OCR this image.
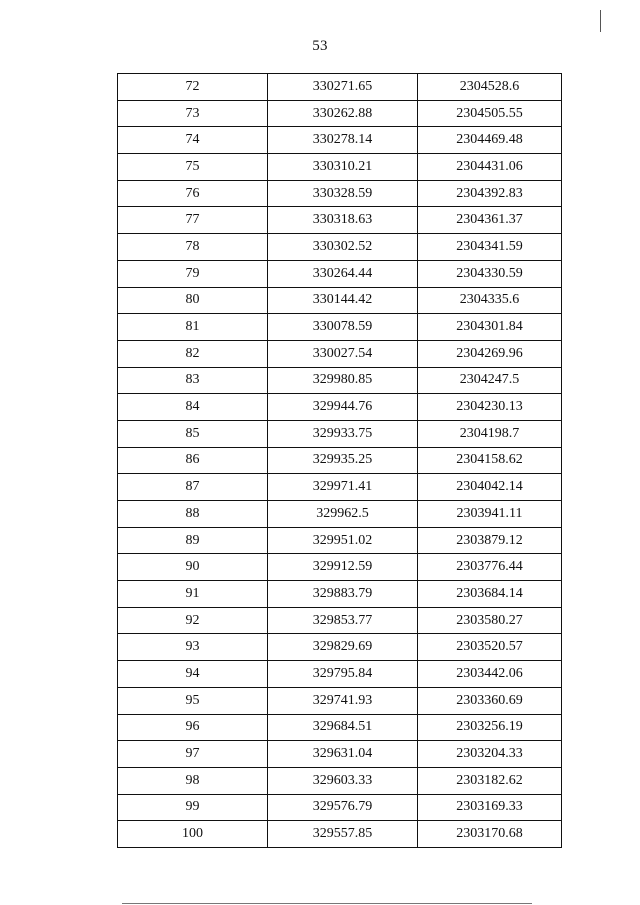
53
72	330271.65	2304528.6
73	330262.88	2304505.55
74	330278.14	2304469.48
75	330310.21	2304431.06
76	330328.59	2304392.83
77	330318.63	2304361.37
78	330302.52	2304341.59
79	330264.44	2304330.59
80	330144.42	2304335.6
81	330078.59	2304301.84
82	330027.54	2304269.96
83	329980.85	2304247.5
84	329944.76	2304230.13
85	329933.75	2304198.7
86	329935.25	2304158.62
87	329971.41	2304042.14
88	329962.5	2303941.11
89	329951.02	2303879.12
90	329912.59	2303776.44
91	329883.79	2303684.14
92	329853.77	2303580.27
93	329829.69	2303520.57
94	329795.84	2303442.06
95	329741.93	2303360.69
96	329684.51	2303256.19
97	329631.04	2303204.33
98	329603.33	2303182.62
99	329576.79	2303169.33
100	329557.85	2303170.68
